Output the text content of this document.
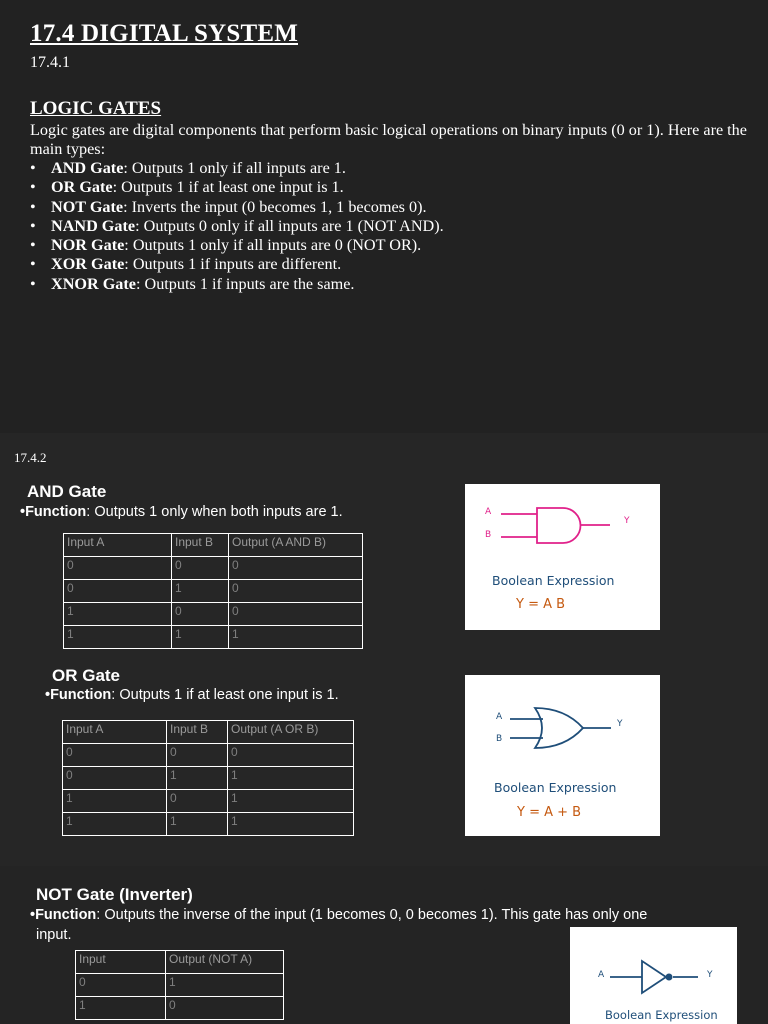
17.4 DIGITAL SYSTEM
17.4.1
LOGIC GATES
Logic gates are digital components that perform basic logical operations on binary inputs (0 or 1). Here are the main types:
• AND Gate: Outputs 1 only if all inputs are 1.
• OR Gate: Outputs 1 if at least one input is 1.
• NOT Gate: Inverts the input (0 becomes 1, 1 becomes 0).
• NAND Gate: Outputs 0 only if all inputs are 1 (NOT AND).
• NOR Gate: Outputs 1 only if all inputs are 0 (NOT OR).
• XOR Gate: Outputs 1 if inputs are different.
• XNOR Gate: Outputs 1 if inputs are the same.
17.4.2
AND Gate
•Function: Outputs 1 only when both inputs are 1.
Input A	Input B	Output (A AND B)
0	0	0
0	1	0
1	0	0
1	1	1
A
B
Y
Boolean Expression
Y = A B
OR Gate
•Function: Outputs 1 if at least one input is 1.
Input A	Input B	Output (A OR B)
0	0	0
0	1	1
1	0	1
1	1	1
A
B
Y
Boolean Expression
Y = A + B
NOT Gate (Inverter)
•Function: Outputs the inverse of the input (1 becomes 0, 0 becomes 1). This gate has only one
input.
Input	Output (NOT A)
0	1
1	0
A	Y
Boolean Expression
